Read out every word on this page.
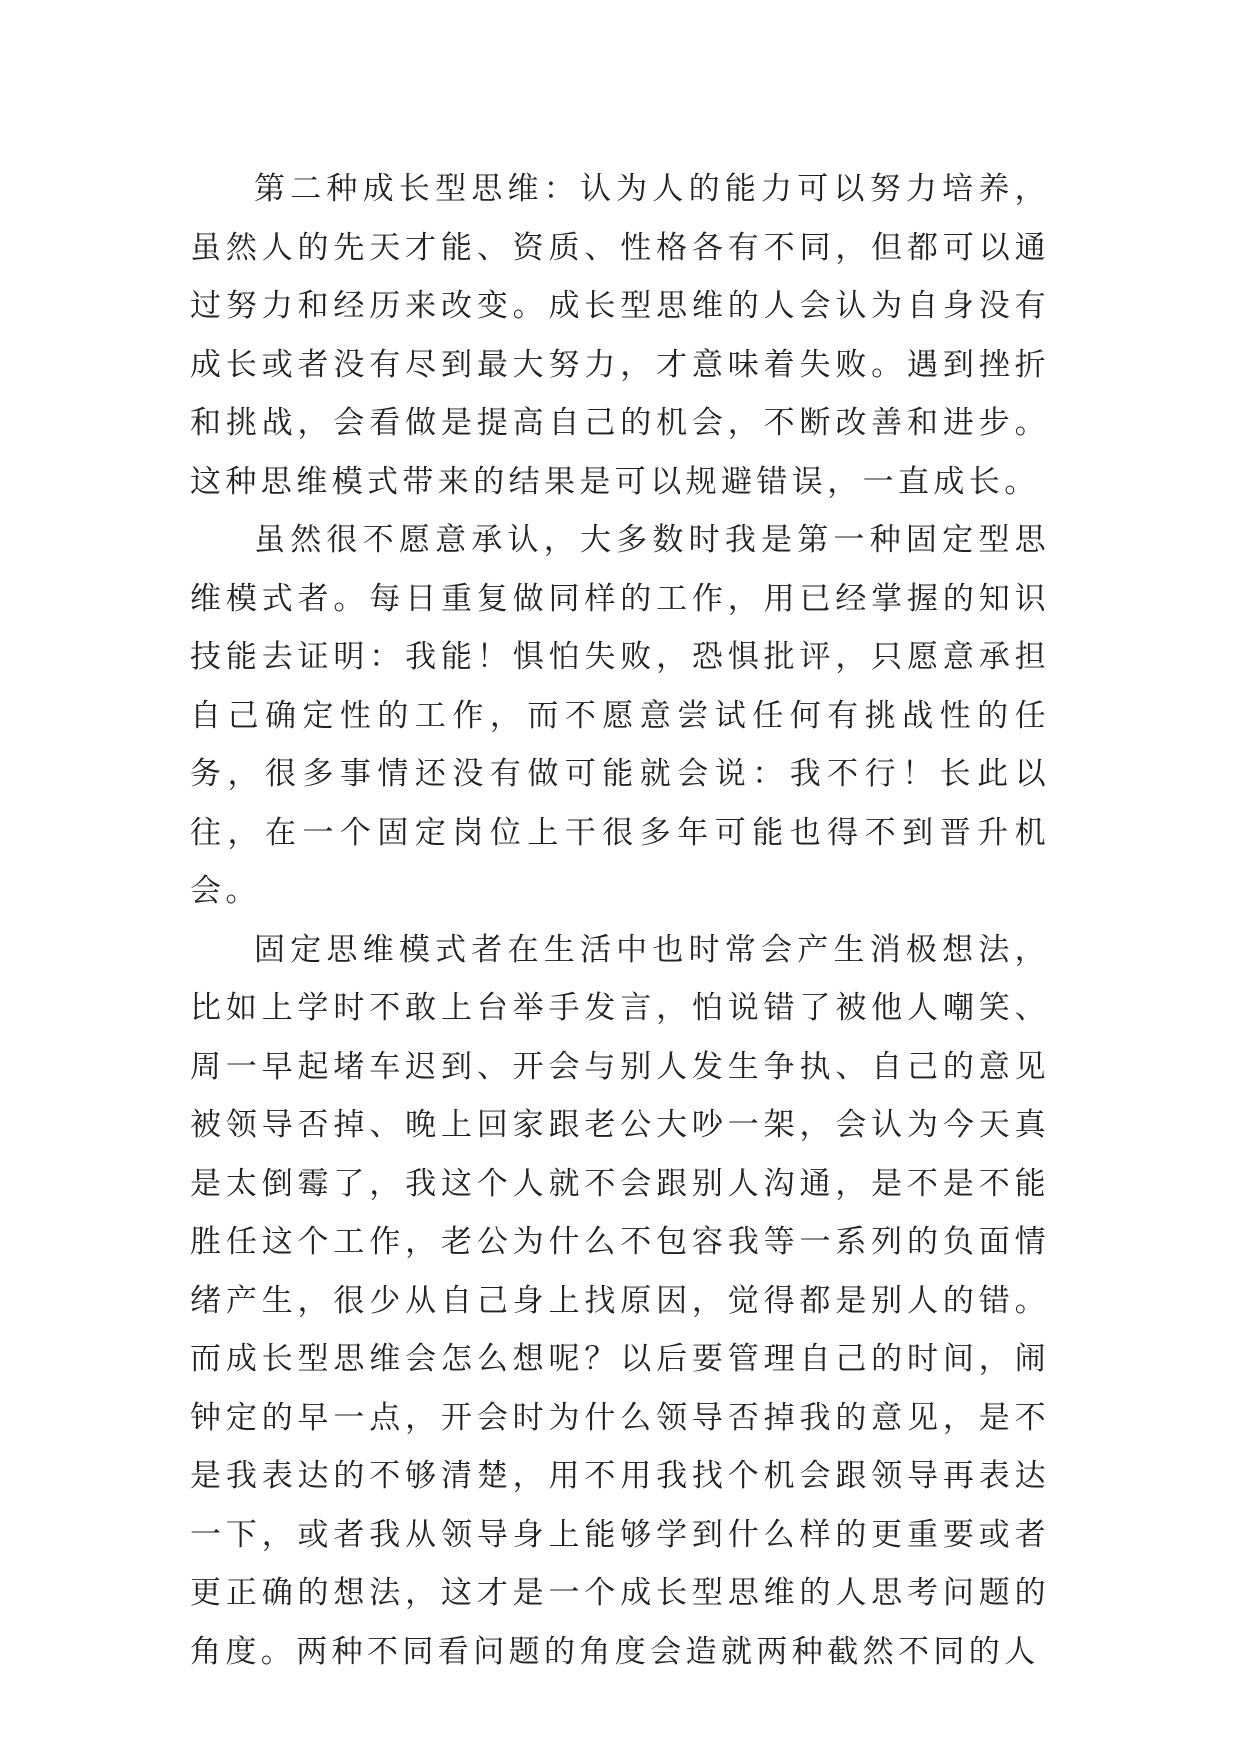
第二种成长型思维：认为人的能力可以努力培养，虽然人的先天才能、资质、性格各有不同，但都可以通过努力和经历来改变。成长型思维的人会认为自身没有成长或者没有尽到最大努力，才意味着失败。遇到挫折和挑战，会看做是提高自己的机会，不断改善和进步。这种思维模式带来的结果是可以规避错误，一直成长。

虽然很不愿意承认，大多数时我是第一种固定型思维模式者。每日重复做同样的工作，用已经掌握的知识技能去证明：我能！惧怕失败，恐惧批评，只愿意承担自己确定性的工作，而不愿意尝试任何有挑战性的任务，很多事情还没有做可能就会说：我不行！长此以往，在一个固定岗位上干很多年可能也得不到晋升机会。

固定思维模式者在生活中也时常会产生消极想法，比如上学时不敢上台举手发言，怕说错了被他人嘲笑、周一早起堵车迟到、开会与别人发生争执、自己的意见被领导否掉、晚上回家跟老公大吵一架，会认为今天真是太倒霉了，我这个人就不会跟别人沟通，是不是不能胜任这个工作，老公为什么不包容我等一系列的负面情绪产生，很少从自己身上找原因，觉得都是别人的错。而成长型思维会怎么想呢？以后要管理自己的时间，闹钟定的早一点，开会时为什么领导否掉我的意见，是不是我表达的不够清楚，用不用我找个机会跟领导再表达一下，或者我从领导身上能够学到什么样的更重要或者更正确的想法，这才是一个成长型思维的人思考问题的角度。两种不同看问题的角度会造就两种截然不同的人
